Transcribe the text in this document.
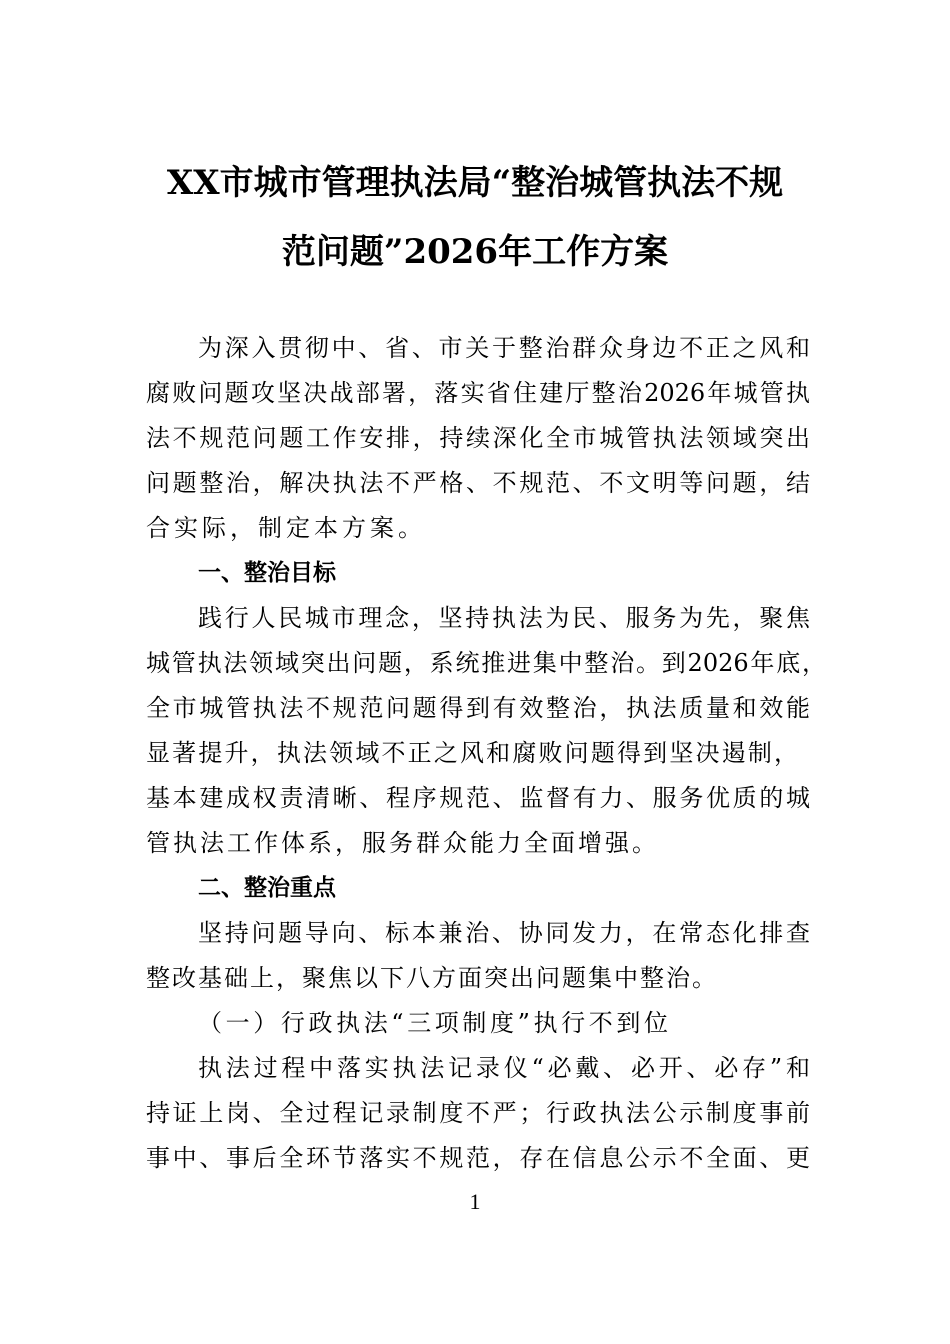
XX市城市管理执法局“整治城管执法不规
范问题”2026年工作方案
为深入贯彻中、省、市关于整治群众身边不正之风和
腐败问题攻坚决战部署，落实省住建厅整治2026年城管执
法不规范问题工作安排，持续深化全市城管执法领域突出
问题整治，解决执法不严格、不规范、不文明等问题，结
合实际，制定本方案。
一、整治目标
践行人民城市理念，坚持执法为民、服务为先，聚焦
城管执法领域突出问题，系统推进集中整治。到2026年底，
全市城管执法不规范问题得到有效整治，执法质量和效能
显著提升，执法领域不正之风和腐败问题得到坚决遏制，
基本建成权责清晰、程序规范、监督有力、服务优质的城
管执法工作体系，服务群众能力全面增强。
二、整治重点
坚持问题导向、标本兼治、协同发力，在常态化排查
整改基础上，聚焦以下八方面突出问题集中整治。
（一）行政执法“三项制度”执行不到位
执法过程中落实执法记录仪“必戴、必开、必存”和
持证上岗、全过程记录制度不严；行政执法公示制度事前
事中、事后全环节落实不规范，存在信息公示不全面、更
1
